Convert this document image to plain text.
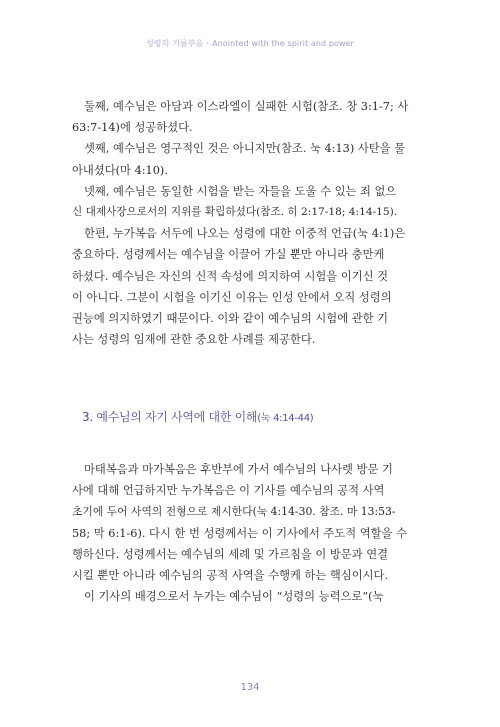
성령의 기름부음 · Anointed with the spirit and power
둘째, 예수님은 아담과 이스라엘이 실패한 시험(참조. 창 3:1-7; 사
63:7-14)에 성공하셨다.
셋째, 예수님은 영구적인 것은 아니지만(참조. 눅 4:13) 사탄을 물
아내셨다(마 4:10).
넷째, 예수님은 동일한 시험을 받는 자들을 도울 수 있는 죄 없으
신 대제사장으로서의 지위를 확립하셨다(참조. 히 2:17-18; 4:14-15).
한편, 누가복음 서두에 나오는 성령에 대한 이중적 언급(눅 4:1)은
중요하다. 성령께서는 예수님을 이끌어 가실 뿐만 아니라 충만케
하셨다. 예수님은 자신의 신적 속성에 의지하여 시험을 이기신 것
이 아니다. 그분이 시험을 이기신 이유는 인성 안에서 오직 성령의
권능에 의지하였기 때문이다. 이와 같이 예수님의 시험에 관한 기
사는 성령의 임재에 관한 중요한 사례를 제공한다.
3. 예수님의 자기 사역에 대한 이해(눅 4:14-44)
마태복음과 마가복음은 후반부에 가서 예수님의 나사렛 방문 기
사에 대해 언급하지만 누가복음은 이 기사를 예수님의 공적 사역
초기에 두어 사역의 전형으로 제시한다(눅 4:14-30. 참조. 마 13:53-
58; 막 6:1-6). 다시 한 번 성령께서는 이 기사에서 주도적 역할을 수
행하신다. 성령께서는 예수님의 세례 및 가르침을 이 방문과 연결
시킬 뿐만 아니라 예수님의 공적 사역을 수행케 하는 핵심이시다.
이 기사의 배경으로서 누가는 예수님이 “성령의 능력으로”(눅
134
